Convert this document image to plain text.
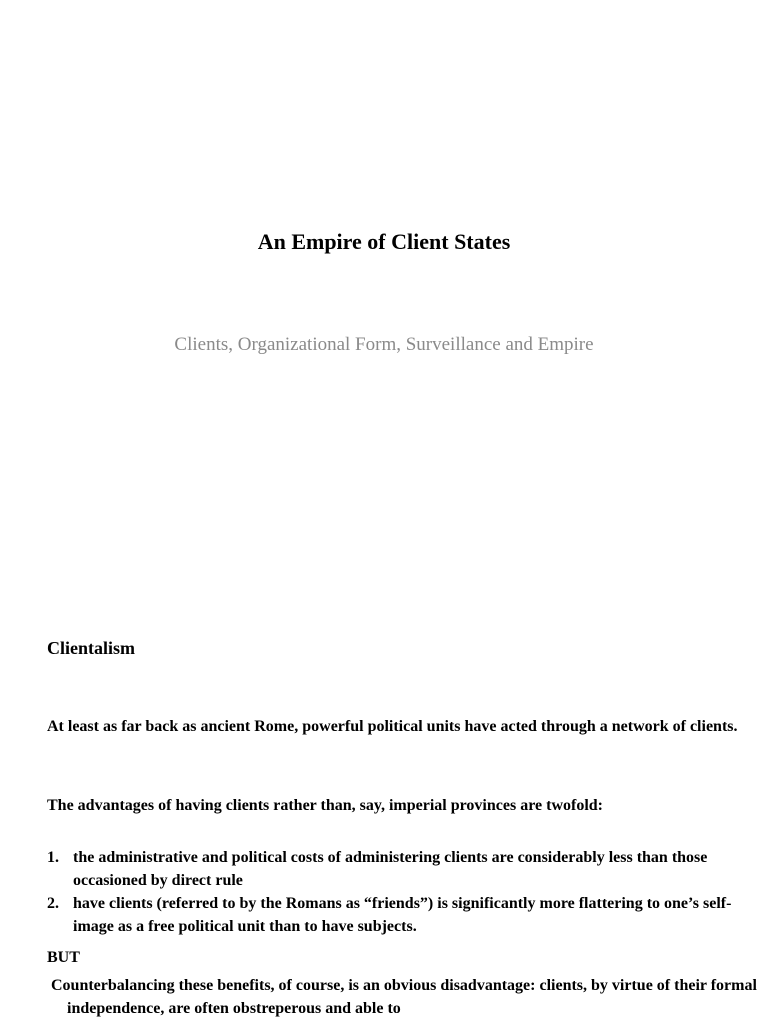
An Empire of Client States

Clients, Organizational Form, Surveillance and Empire

Clientalism

At least as far back as ancient Rome, powerful political units have acted through a network of clients.

The advantages of having clients rather than, say, imperial provinces are twofold:

1. the administrative and political costs of administering clients are considerably less than those occasioned by direct rule
2. have clients (referred to by the Romans as “friends”) is significantly more flattering to one’s self-image as a free political unit than to have subjects.

BUT

Counterbalancing these benefits, of course, is an obvious disadvantage: clients, by virtue of their formal independence, are often obstreperous and able to
